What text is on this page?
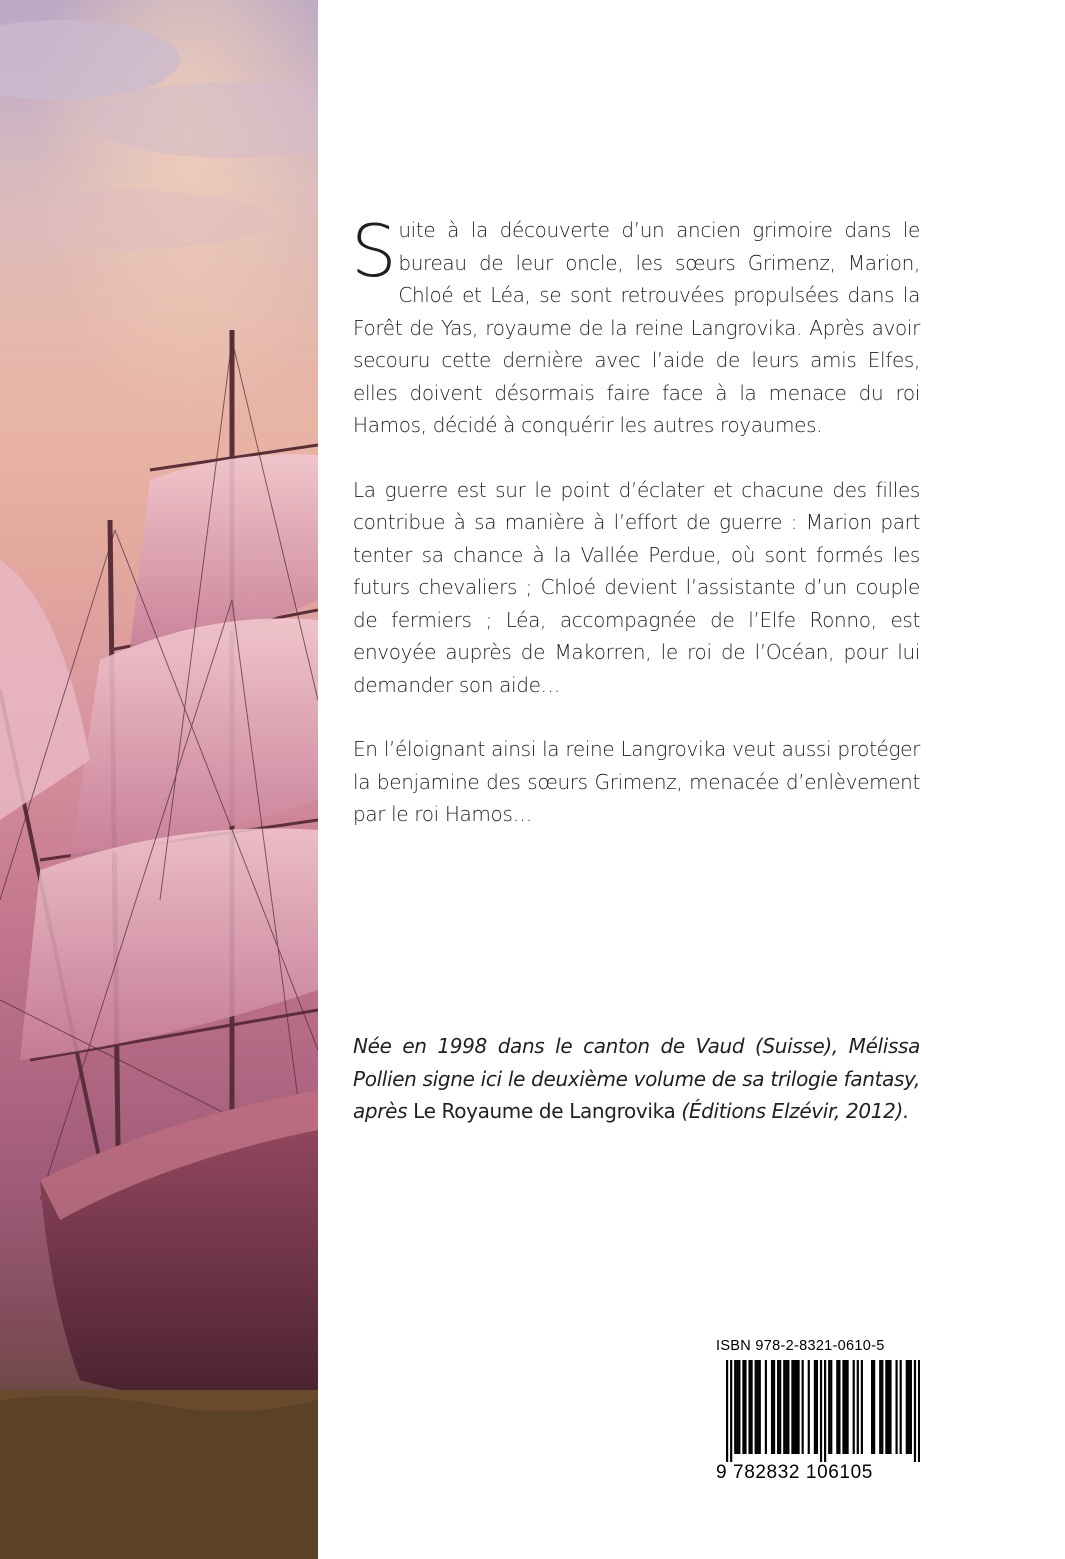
Suite à la découverte d’un ancien grimoire dans le bureau de leur oncle, les sœurs Grimenz, Marion, Chloé et Léa, se sont retrouvées propulsées dans la Forêt de Yas, royaume de la reine Langrovika. Après avoir secouru cette dernière avec l’aide de leurs amis Elfes, elles doivent désormais faire face à la menace du roi Hamos, décidé à conquérir les autres royaumes.

La guerre est sur le point d’éclater et chacune des filles contribue à sa manière à l’effort de guerre : Marion part tenter sa chance à la Vallée Perdue, où sont formés les futurs chevaliers ; Chloé devient l’assistante d’un couple de fermiers ; Léa, accompagnée de l’Elfe Ronno, est envoyée auprès de Makorren, le roi de l’Océan, pour lui demander son aide…

En l’éloignant ainsi la reine Langrovika veut aussi protéger la benjamine des sœurs Grimenz, menacée d’enlèvement par le roi Hamos…

Née en 1998 dans le canton de Vaud (Suisse), Mélissa Pollien signe ici le deuxième volume de sa trilogie fantasy, après Le Royaume de Langrovika (Éditions Elzévir, 2012).

ISBN 978-2-8321-0610-5
9 782832 106105
